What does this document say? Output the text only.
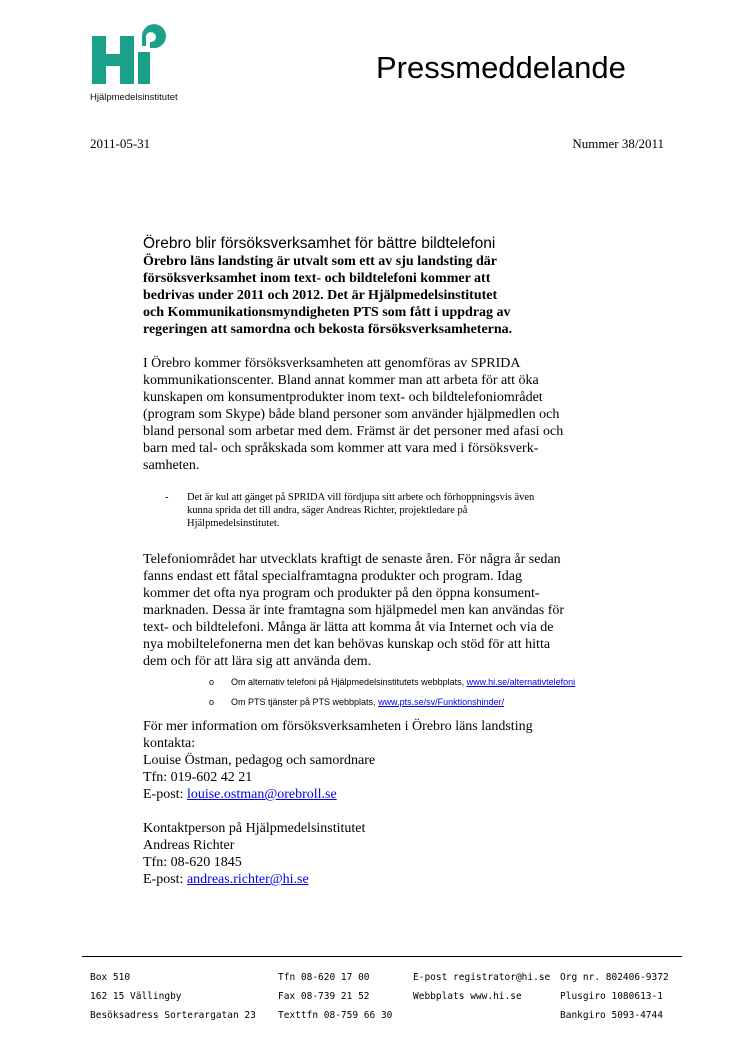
Hjälpmedelsinstitutet
Pressmeddelande
2011-05-31	Nummer 38/2011
Örebro blir försöksverksamhet för bättre bildtelefoni

Örebro läns landsting är utvalt som ett av sju landsting där
försöksverksamhet inom text- och bildtelefoni kommer att
bedrivas under 2011 och 2012. Det är Hjälpmedelsinstitutet
och Kommunikationsmyndigheten PTS som fått i uppdrag av
regeringen att samordna och bekosta försöksverksamheterna.

I Örebro kommer försöksverksamheten att genomföras av SPRIDA
kommunikationscenter. Bland annat kommer man att arbeta för att öka
kunskapen om konsumentprodukter inom text- och bildtelefoniområdet
(program som Skype) både bland personer som använder hjälpmedlen och
bland personal som arbetar med dem. Främst är det personer med afasi och
barn med tal- och språkskada som kommer att vara med i försöksverk-
samheten.

- Det är kul att gänget på SPRIDA vill fördjupa sitt arbete och förhoppningsvis även
kunna sprida det till andra, säger Andreas Richter, projektledare på
Hjälpmedelsinstitutet.

Telefoniområdet har utvecklats kraftigt de senaste åren. För några år sedan
fanns endast ett fåtal specialframtagna produkter och program. Idag
kommer det ofta nya program och produkter på den öppna konsument-
marknaden. Dessa är inte framtagna som hjälpmedel men kan användas för
text- och bildtelefoni. Många är lätta att komma åt via Internet och via de
nya mobiltelefonerna men det kan behövas kunskap och stöd för att hitta
dem och för att lära sig att använda dem.

o Om alternativ telefoni på Hjälpmedelsinstitutets webbplats, www.hi.se/alternativtelefoni
o Om PTS tjänster på PTS webbplats, www.pts.se/sv/Funktionshinder/

För mer information om försöksverksamheten i Örebro läns landsting
kontakta:
Louise Östman, pedagog och samordnare
Tfn: 019-602 42 21
E-post: louise.ostman@orebroll.se

Kontaktperson på Hjälpmedelsinstitutet
Andreas Richter
Tfn: 08-620 1845
E-post: andreas.richter@hi.se

Box 510
162 15 Vällingby
Besöksadress Sorterargatan 23
Tfn 08-620 17 00
Fax 08-739 21 52
Texttfn 08-759 66 30
E-post registrator@hi.se
Webbplats www.hi.se
Org nr. 802406-9372
Plusgiro 1080613-1
Bankgiro 5093-4744
